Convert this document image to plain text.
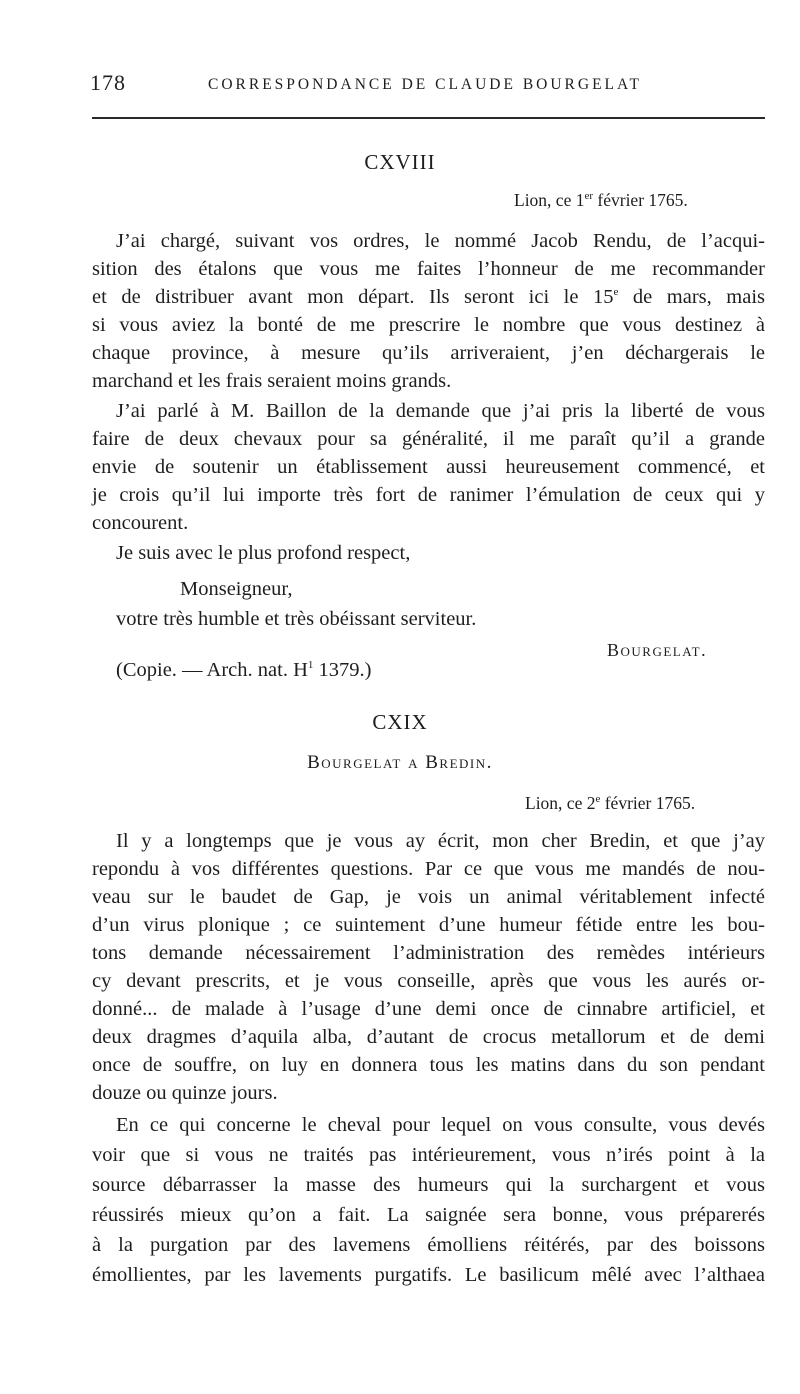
178	CORRESPONDANCE DE CLAUDE BOURGELAT
CXVIII
Lion, ce 1er février 1765.
J’ai chargé, suivant vos ordres, le nommé Jacob Rendu, de l’acqui-
sition des étalons que vous me faites l’honneur de me recommander
et de distribuer avant mon départ. Ils seront ici le 15e de mars, mais
si vous aviez la bonté de me prescrire le nombre que vous destinez à
chaque province, à mesure qu’ils arriveraient, j’en déchargerais le
marchand et les frais seraient moins grands.
J’ai parlé à M. Baillon de la demande que j’ai pris la liberté de vous
faire de deux chevaux pour sa généralité, il me paraît qu’il a grande
envie de soutenir un établissement aussi heureusement commencé, et
je crois qu’il lui importe très fort de ranimer l’émulation de ceux qui y
concourent.
Je suis avec le plus profond respect,
Monseigneur,
votre très humble et très obéissant serviteur.
Bourgelat.
(Copie. — Arch. nat. $H^1$ 1379.)
CXIX
Bourgelat a Bredin.
Lion, ce 2e février 1765.
Il y a longtemps que je vous ay écrit, mon cher Bredin, et que j’ay
repondu à vos différentes questions. Par ce que vous me mandés de nou-
veau sur le baudet de Gap, je vois un animal véritablement infecté
d’un virus plonique ; ce suintement d’une humeur fétide entre les bou-
tons demande nécessairement l’administration des remèdes intérieurs
cy devant prescrits, et je vous conseille, après que vous les aurés or-
donné... de malade à l’usage d’une demi once de cinnabre artificiel, et
deux dragmes d’aquila alba, d’autant de crocus metallorum et de demi
once de souffre, on luy en donnera tous les matins dans du son pendant
douze ou quinze jours.
En ce qui concerne le cheval pour lequel on vous consulte, vous devés
voir que si vous ne traités pas intérieurement, vous n’irés point à la
source débarrasser la masse des humeurs qui la surchargent et vous
réussirés mieux qu’on a fait. La saignée sera bonne, vous préparerés
à la purgation par des lavemens émolliens réitérés, par des boissons
émollientes, par les lavements purgatifs. Le basilicum mêlé avec l’althaea
